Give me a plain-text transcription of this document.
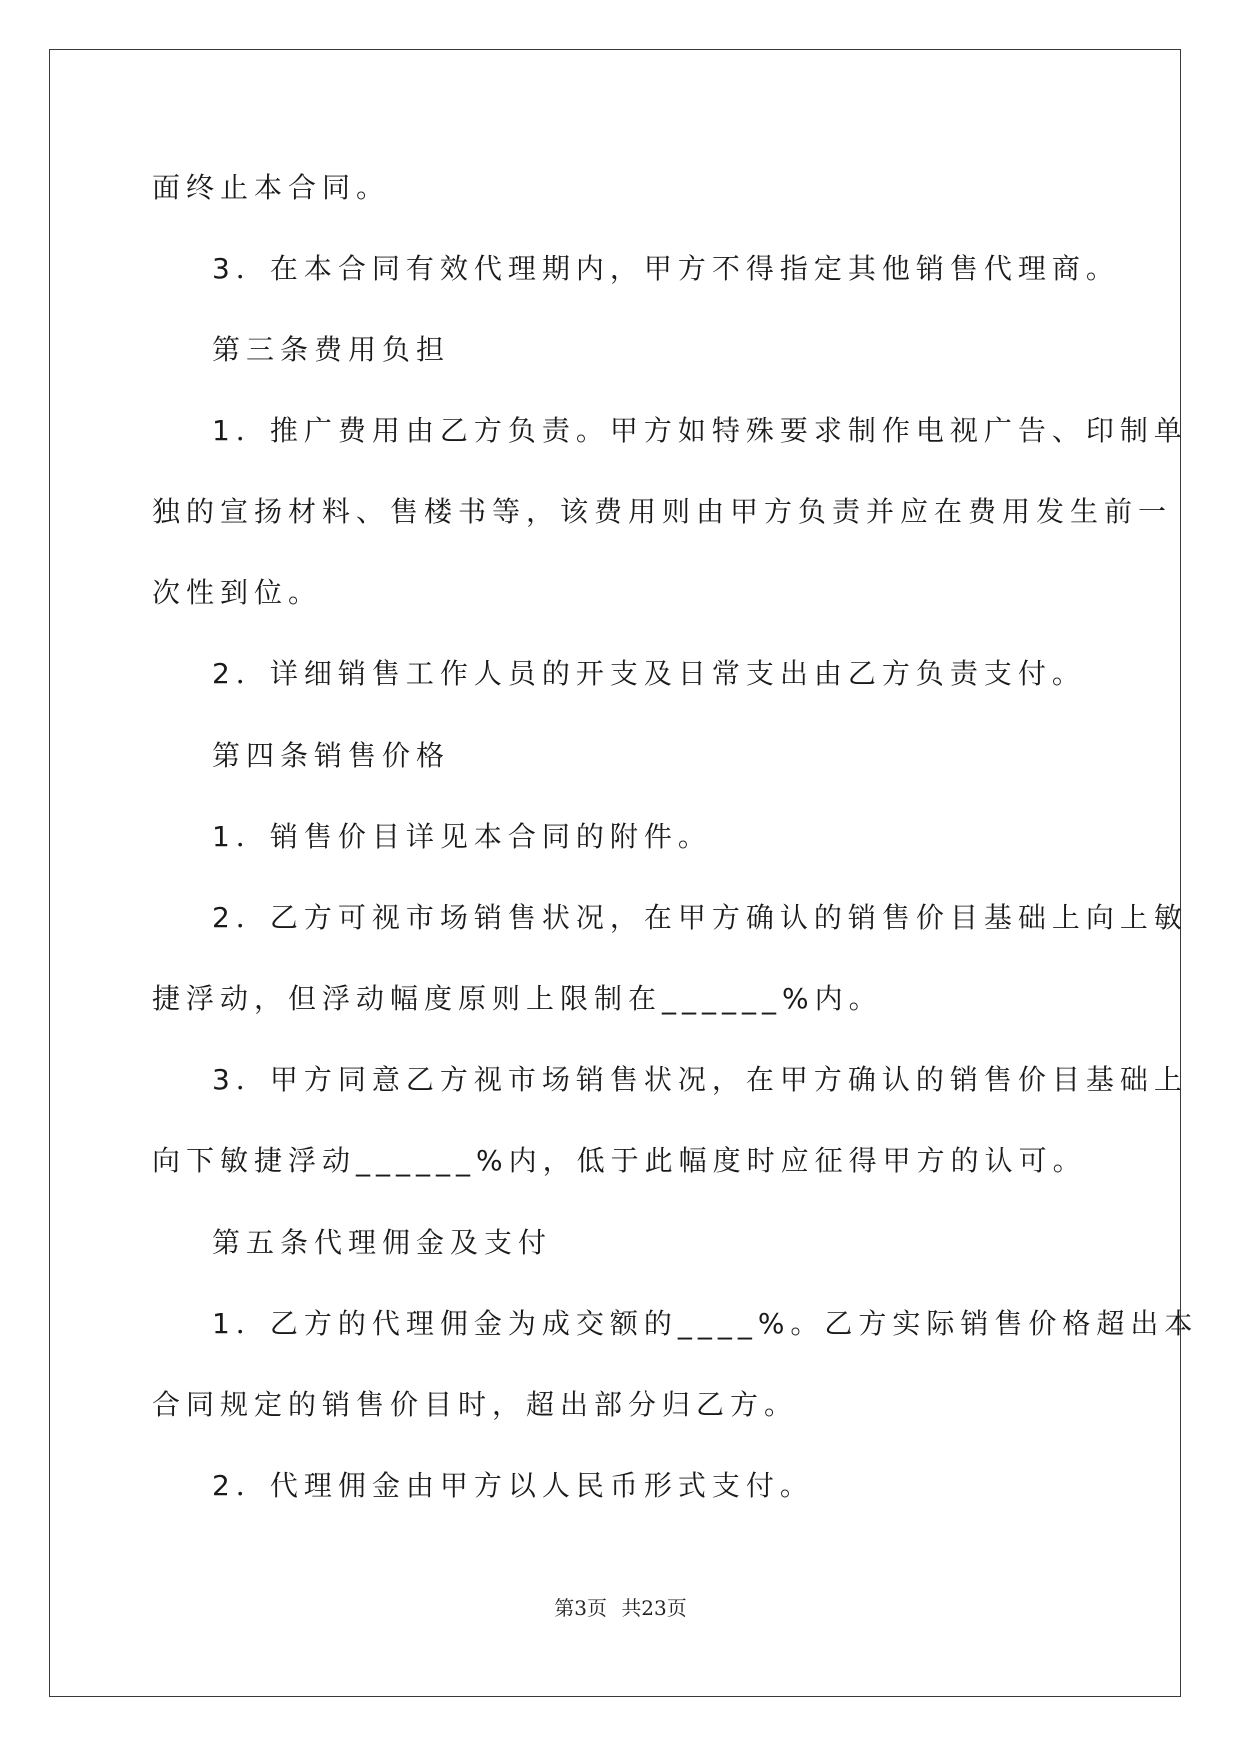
面终止本合同。

3．在本合同有效代理期内，甲方不得指定其他销售代理商。

第三条费用负担

1．推广费用由乙方负责。甲方如特殊要求制作电视广告、印制单

独的宣扬材料、售楼书等，该费用则由甲方负责并应在费用发生前一

次性到位。

2．详细销售工作人员的开支及日常支出由乙方负责支付。

第四条销售价格

1．销售价目详见本合同的附件。

2．乙方可视市场销售状况，在甲方确认的销售价目基础上向上敏

捷浮动，但浮动幅度原则上限制在______%内。

3．甲方同意乙方视市场销售状况，在甲方确认的销售价目基础上

向下敏捷浮动______%内，低于此幅度时应征得甲方的认可。

第五条代理佣金及支付

1．乙方的代理佣金为成交额的____%。乙方实际销售价格超出本

合同规定的销售价目时，超出部分归乙方。

2．代理佣金由甲方以人民币形式支付。

第3页 共23页
